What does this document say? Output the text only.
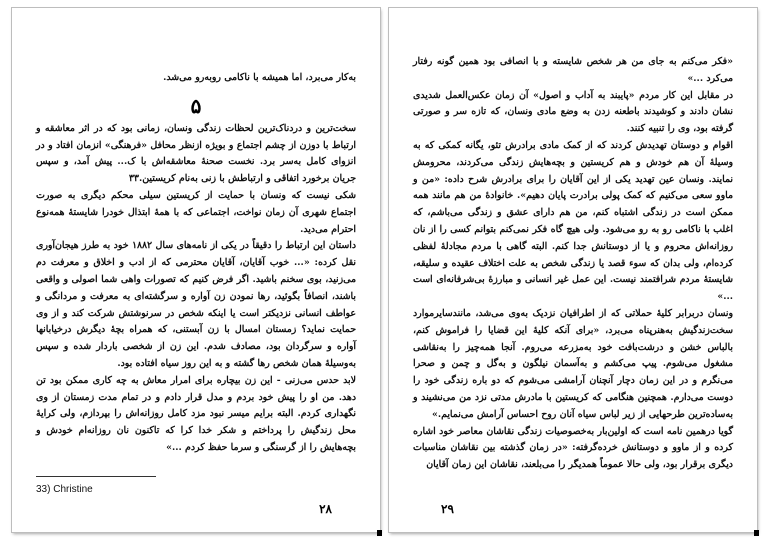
به‌کار می‌برد، اما همیشه با ناکامی روبه‌رو می‌شد.

۵

سخت‌ترین و دردناک‌ترین لحظات زندگی ونسان، زمانی بود که در اثر معاشقه و ارتباط با دوزن از چشم اجتماع و بویژه ازنظر محافل «فرهنگی» انزمان افتاد و در انزوای کامل به‌سر برد. نخست صحنهٔ معاشقه‌اش با ک... پیش آمد، و سپس جریان برخورد اتفاقی و ارتباطش با زنی به‌نام کریستین.۳۳

شکی نیست که ونسان با حمایت از کریستین سیلی محکم دیگری به صورت اجتماع شهری آن زمان نواخت، اجتماعی که با همهٔ ابتذال خودرا شایستهٔ همه‌نوع احترام می‌دید.

داستان این ارتباط را دقیقاً در یکی از نامه‌های سال ۱۸۸۲ خود به طرز هیجان‌آوری نقل کرده: «... خوب آقایان، آقایان محترمی که از ادب و اخلاق و معرفت دم می‌زنید، بوی سخنم باشید. اگر فرض کنیم که تصورات واهی شما اصولی و واقعی باشند، انصافاً بگوئید، رها نمودن زن آواره و سرگشته‌ای به معرفت و مردانگی و عواطف انسانی نزدیکتر است یا اینکه شخص در سرنوشتش شرکت کند و از وی حمایت نماید؟ زمستان امسال با زن آبستنی، که همراه بچهٔ دیگرش درخیابانها آواره و سرگردان بود، مصادف شدم. این زن از شخصی باردار شده و سپس به‌وسیلهٔ همان شخص رها گشته و به این روز سیاه افتاده بود.

لابد حدس می‌زنی - این زن بیچاره برای امرار معاش به چه کاری ممکن بود تن دهد. من او را پیش خود بردم و مدل قرار دادم و در تمام مدت زمستان از وی نگهداری کردم. البته برایم میسر نبود مزد کامل روزانه‌اش را بپردازم، ولی کرایهٔ محل زندگیش را پرداختم و شکر خدا کرا که تاکنون نان روزانه‌ام خودش و بچه‌هایش را از گرسنگی و سرما حفظ کردم ...»

33) Christine
۲۸

«فکر می‌کنم به جای من هر شخص شایسته و با انصافی بود همین گونه رفتار می‌کرد ...»

در مقابل این کار مردم «پایبند به آداب و اصول» آن زمان عکس‌العمل شدیدی نشان دادند و کوشیدند باطعنه زدن به وضع مادی ونسان، که تازه سر و صورتی گرفته بود، وی را تنبیه کنند.

اقوام و دوستان تهدیدش کردند که از کمک مادی برادرش تئو، یگانه کمکی که به وسیلهٔ آن هم خودش و هم کریستین و بچه‌هایش زندگی می‌کردند، محرومش نمایند. ونسان عین تهدید یکی از این آقایان را برای برادرش شرح داده: «من و ماوو سعی می‌کنیم که کمک پولی برادرت پایان دهیم». خانوادهٔ من هم مانند همه ممکن است در زندگی اشتباه کنم، من هم دارای عشق و زندگی می‌باشم، که اغلب با ناکامی رو به رو می‌شود. ولی هیچ گاه فکر نمی‌کنم بتوانم کسی را از نان روزانه‌اش محروم و یا از دوستانش جدا کنم. البته گاهی با مردم مجادلهٔ لفظی کرده‌ام، ولی بدان که سوء قصد یا زندگی شخص به علت اختلاف عقیده و سلیقه، شایستهٔ مردم شرافتمند نیست. این عمل غیر انسانی و مبارزهٔ بی‌شرفانه‌ای است ...»

ونسان دربرابر کلیهٔ حملاتی که از اطرافیان نزدیک به‌وی می‌شد، مانندسایرموارد سخت‌زندگیش به‌هنرپناه می‌برد، «برای آنکه کلیهٔ این قضایا را فراموش کنم، بالباس خشن و درشت‌بافت خود به‌مزرعه می‌روم. آنجا همه‌چیز را به‌نقاشی مشغول می‌شوم. پیپ می‌کشم و به‌آسمان نیلگون و به‌گل و چمن و صحرا می‌نگرم و در این زمان دچار آنچنان آرامشی می‌شوم که دو باره زندگی خود را دوست می‌دارم. همچنین هنگامی که کریستین با مادرش مدتی نزد من می‌نشیند و به‌ساده‌ترین طرحهایی از زیر لباس سیاه آنان روح احساس آرامش می‌نمایم.»

گویا درهمین نامه است که اولین‌بار به‌خصوصیات زندگی نقاشان معاصر خود اشاره کرده و از ماوو و دوستانش خرده‌گرفته: «در زمان گذشته بین نقاشان مناسبات دیگری برقرار بود، ولی حالا عموماً همدیگر را می‌بلعند، نقاشان این زمان آقایان

۲۹
